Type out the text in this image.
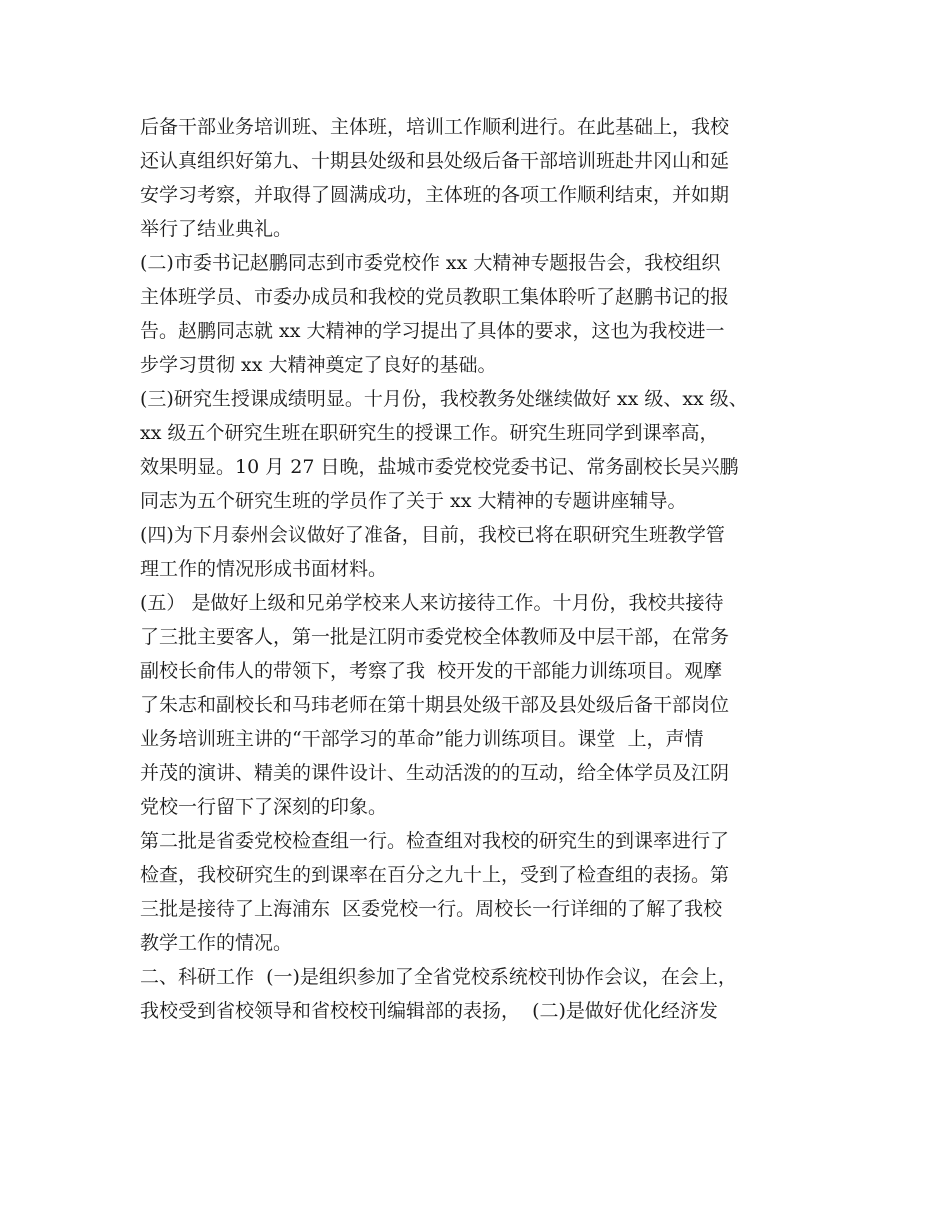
后备干部业务培训班、主体班，培训工作顺利进行。在此基础上，我校
还认真组织好第九、十期县处级和县处级后备干部培训班赴井冈山和延
安学习考察，并取得了圆满成功，主体班的各项工作顺利结束，并如期
举行了结业典礼。
(二)市委书记赵鹏同志到市委党校作 xx 大精神专题报告会，我校组织
主体班学员、市委办成员和我校的党员教职工集体聆听了赵鹏书记的报
告。赵鹏同志就 xx 大精神的学习提出了具体的要求，这也为我校进一
步学习贯彻 xx 大精神奠定了良好的基础。
(三)研究生授课成绩明显。十月份，我校教务处继续做好 xx 级、xx 级、
xx 级五个研究生班在职研究生的授课工作。研究生班同学到课率高，
效果明显。10 月 27 日晚，盐城市委党校党委书记、常务副校长吴兴鹏
同志为五个研究生班的学员作了关于 xx 大精神的专题讲座辅导。
(四)为下月泰州会议做好了准备，目前，我校已将在职研究生班教学管
理工作的情况形成书面材料。
(五） 是做好上级和兄弟学校来人来访接待工作。十月份，我校共接待
了三批主要客人，第一批是江阴市委党校全体教师及中层干部，在常务
副校长俞伟人的带领下，考察了我  校开发的干部能力训练项目。观摩
了朱志和副校长和马玮老师在第十期县处级干部及县处级后备干部岗位
业务培训班主讲的“干部学习的革命”能力训练项目。课堂  上，声情
并茂的演讲、精美的课件设计、生动活泼的的互动，给全体学员及江阴
党校一行留下了深刻的印象。
第二批是省委党校检查组一行。检查组对我校的研究生的到课率进行了
检查，我校研究生的到课率在百分之九十上，受到了检查组的表扬。第
三批是接待了上海浦东  区委党校一行。周校长一行详细的了解了我校
教学工作的情况。
二、科研工作  (一)是组织参加了全省党校系统校刊协作会议，在会上，
我校受到省校领导和省校校刊编辑部的表扬，  (二)是做好优化经济发
